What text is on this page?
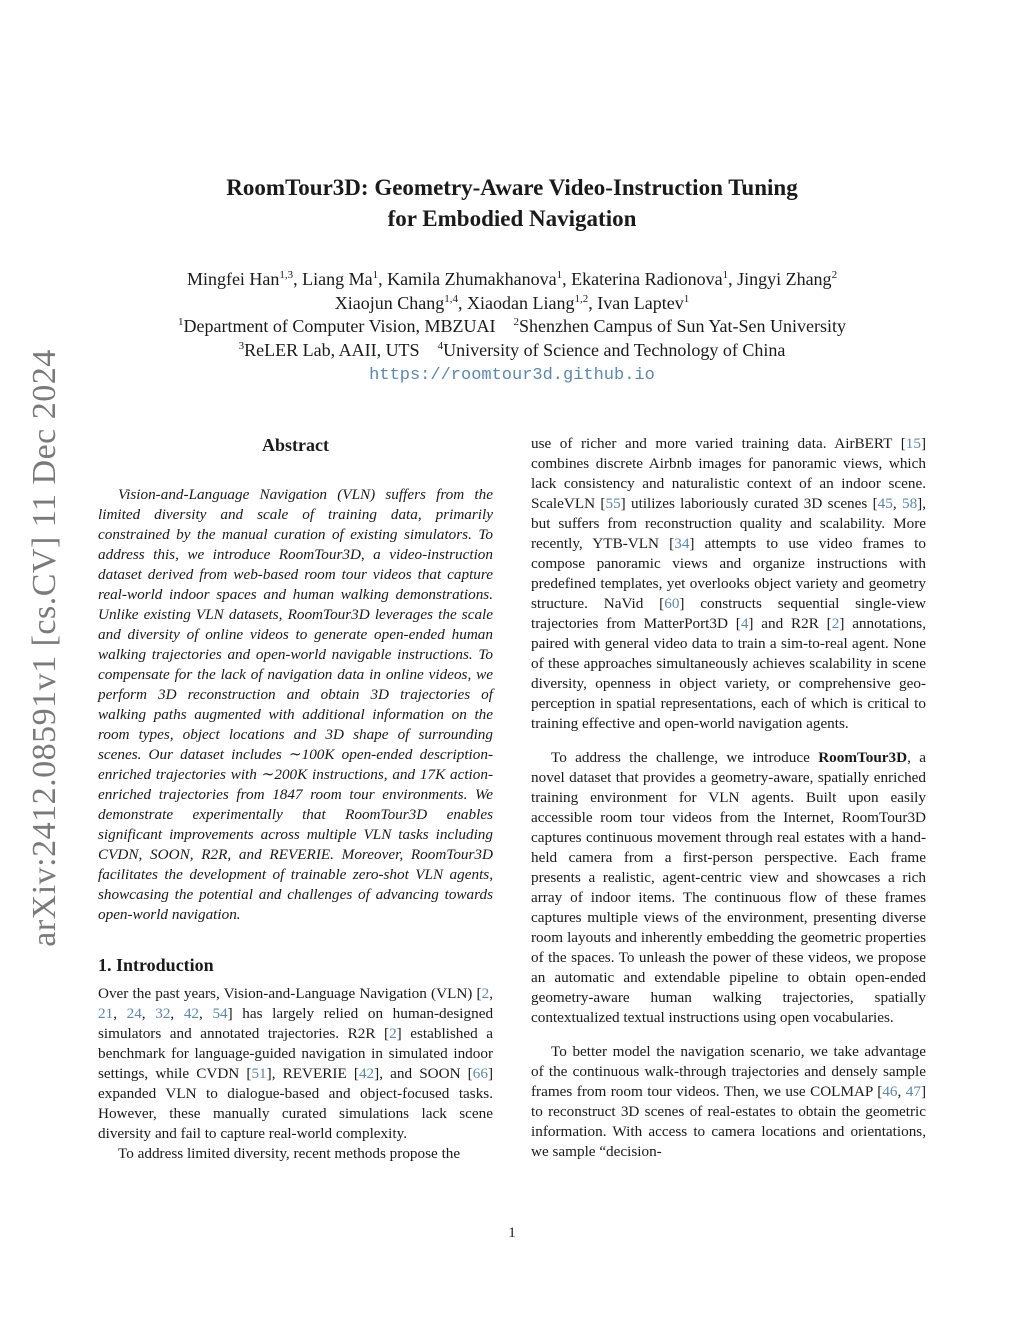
arXiv:2412.08591v1 [cs.CV] 11 Dec 2024
RoomTour3D: Geometry-Aware Video-Instruction Tuning
for Embodied Navigation
Mingfei Han$^{1,3}$, Liang Ma$^1$, Kamila Zhumakhanova$^1$, Ekaterina Radionova$^1$, Jingyi Zhang$^2$
Xiaojun Chang$^{1,4}$, Xiaodan Liang$^{1,2}$, Ivan Laptev$^1$
$^1$Department of Computer Vision, MBZUAI $^2$Shenzhen Campus of Sun Yat-Sen University
$^3$ReLER Lab, AAII, UTS $^4$University of Science and Technology of China
https://roomtour3d.github.io
Abstract
Vision-and-Language Navigation (VLN) suffers from the limited diversity and scale of training data, primarily constrained by the manual curation of existing simulators. To address this, we introduce RoomTour3D, a video-instruction dataset derived from web-based room tour videos that capture real-world indoor spaces and human walking demonstrations. Unlike existing VLN datasets, RoomTour3D leverages the scale and diversity of online videos to generate open-ended human walking trajectories and open-world navigable instructions. To compensate for the lack of navigation data in online videos, we perform 3D reconstruction and obtain 3D trajectories of walking paths augmented with additional information on the room types, object locations and 3D shape of surrounding scenes. Our dataset includes ∼100K open-ended description-enriched trajectories with ∼200K instructions, and 17K action-enriched trajectories from 1847 room tour environments. We demonstrate experimentally that RoomTour3D enables significant improvements across multiple VLN tasks including CVDN, SOON, R2R, and REVERIE. Moreover, RoomTour3D facilitates the development of trainable zero-shot VLN agents, showcasing the potential and challenges of advancing towards open-world navigation.
1. Introduction

Over the past years, Vision-and-Language Navigation (VLN) [2, 21, 24, 32, 42, 54] has largely relied on human-designed simulators and annotated trajectories. R2R [2] established a benchmark for language-guided navigation in simulated indoor settings, while CVDN [51], REVERIE [42], and SOON [66] expanded VLN to dialogue-based and object-focused tasks. However, these manually curated simulations lack scene diversity and fail to capture real-world complexity.

To address limited diversity, recent methods propose the

use of richer and more varied training data. AirBERT [15] combines discrete Airbnb images for panoramic views, which lack consistency and naturalistic context of an indoor scene. ScaleVLN [55] utilizes laboriously curated 3D scenes [45, 58], but suffers from reconstruction quality and scalability. More recently, YTB-VLN [34] attempts to use video frames to compose panoramic views and organize instructions with predefined templates, yet overlooks object variety and geometry structure. NaVid [60] constructs sequential single-view trajectories from MatterPort3D [4] and R2R [2] annotations, paired with general video data to train a sim-to-real agent. None of these approaches simultaneously achieves scalability in scene diversity, openness in object variety, or comprehensive geo-perception in spatial representations, each of which is critical to training effective and open-world navigation agents.

To address the challenge, we introduce RoomTour3D, a novel dataset that provides a geometry-aware, spatially enriched training environment for VLN agents. Built upon easily accessible room tour videos from the Internet, RoomTour3D captures continuous movement through real estates with a hand-held camera from a first-person perspective. Each frame presents a realistic, agent-centric view and showcases a rich array of indoor items. The continuous flow of these frames captures multiple views of the environment, presenting diverse room layouts and inherently embedding the geometric properties of the spaces. To unleash the power of these videos, we propose an automatic and extendable pipeline to obtain open-ended geometry-aware human walking trajectories, spatially contextualized textual instructions using open vocabularies.

To better model the navigation scenario, we take advantage of the continuous walk-through trajectories and densely sample frames from room tour videos. Then, we use COLMAP [46, 47] to reconstruct 3D scenes of real-estates to obtain the geometric information. With access to camera locations and orientations, we sample “decision-

1
